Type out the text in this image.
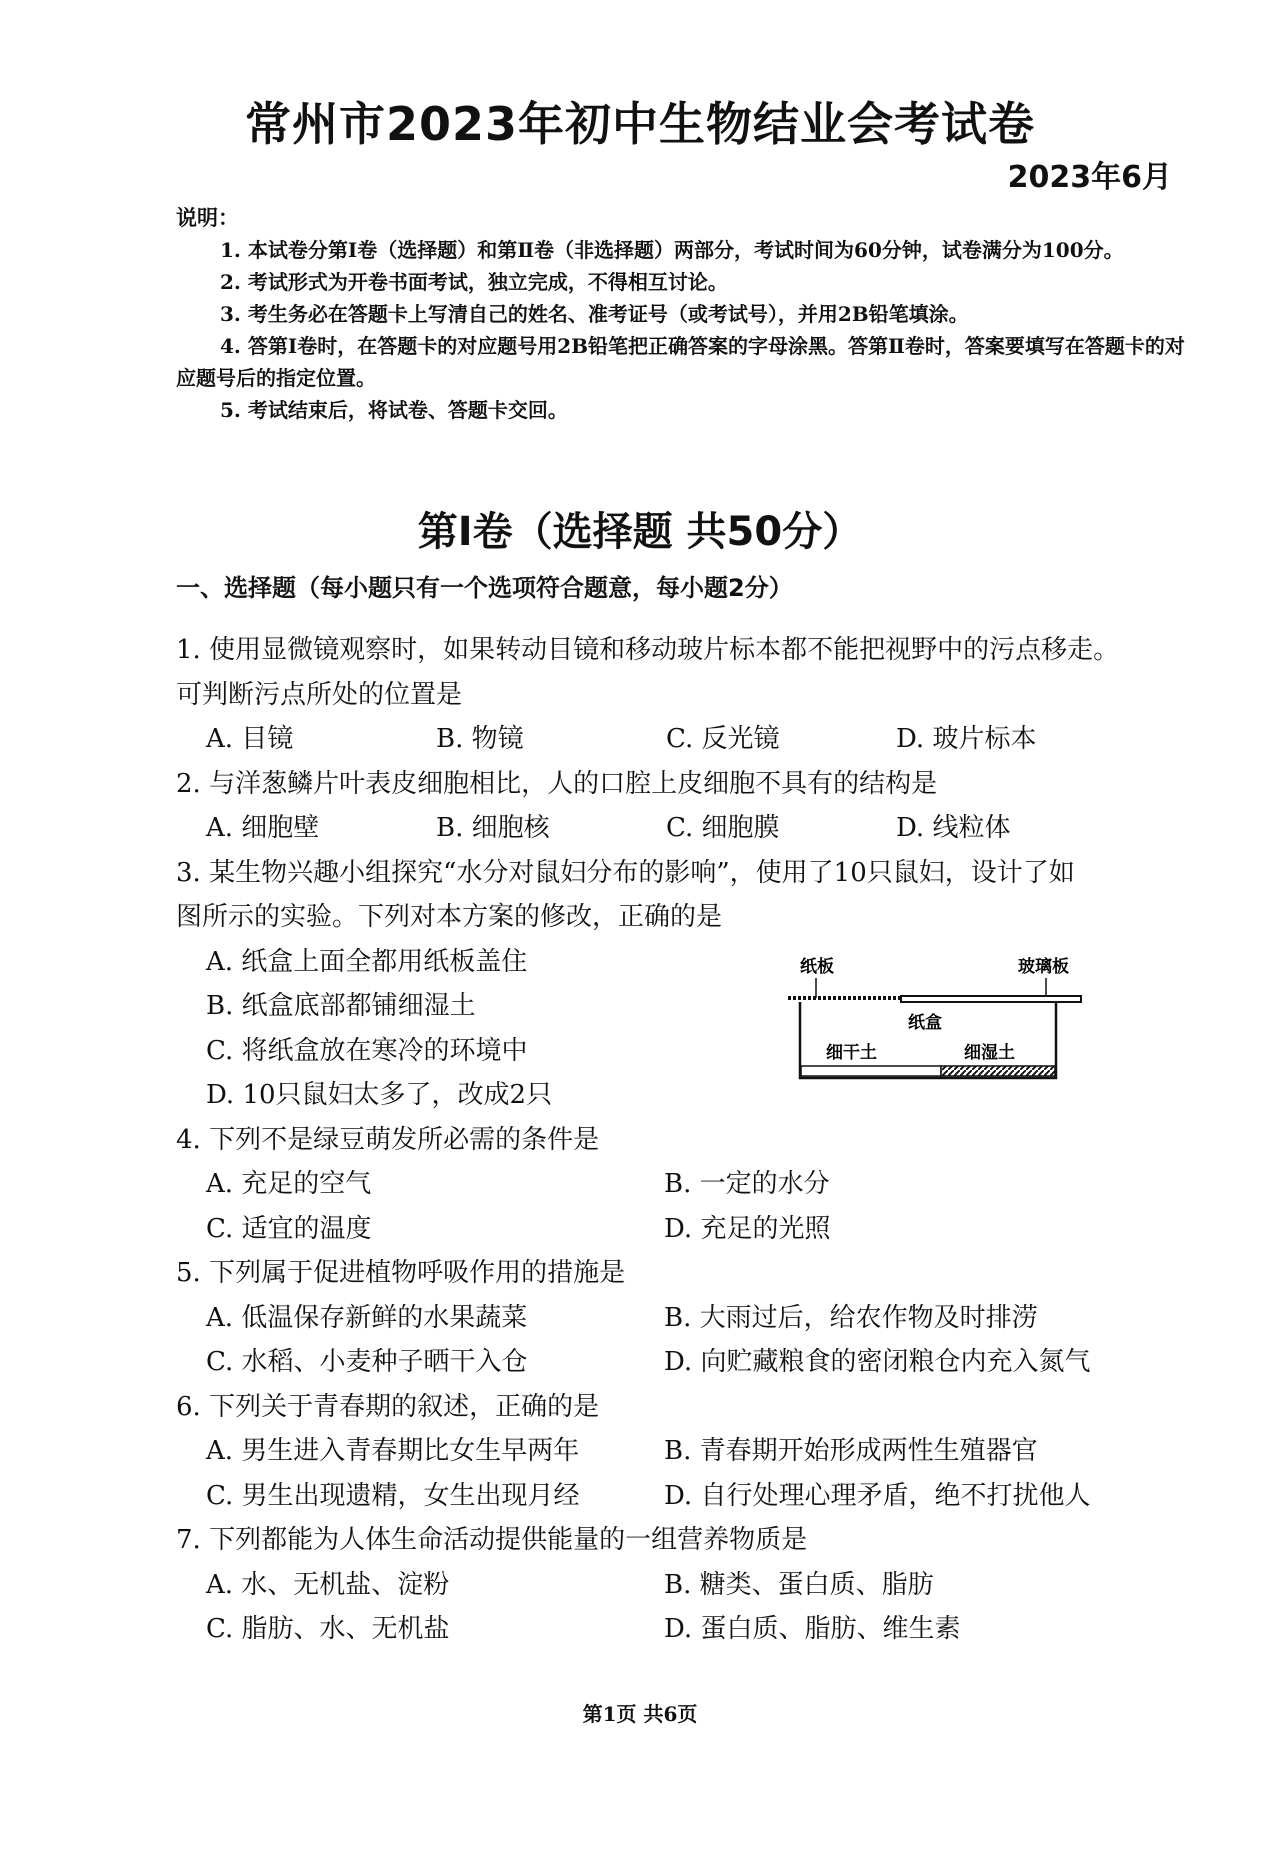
常州市2023年初中生物结业会考试卷
2023年6月
说明：
1. 本试卷分第Ⅰ卷（选择题）和第Ⅱ卷（非选择题）两部分，考试时间为60分钟，试卷满分为100分。
2. 考试形式为开卷书面考试，独立完成，不得相互讨论。
3. 考生务必在答题卡上写清自己的姓名、准考证号（或考试号），并用2B铅笔填涂。
4. 答第Ⅰ卷时，在答题卡的对应题号用2B铅笔把正确答案的字母涂黑。答第Ⅱ卷时，答案要填写在答题卡的对应题号后的指定位置。
5. 考试结束后，将试卷、答题卡交回。
第Ⅰ卷（选择题 共50分）
一、选择题（每小题只有一个选项符合题意，每小题2分）
1. 使用显微镜观察时，如果转动目镜和移动玻片标本都不能把视野中的污点移走。
可判断污点所处的位置是
A. 目镜	B. 物镜	C. 反光镜	D. 玻片标本
2. 与洋葱鳞片叶表皮细胞相比，人的口腔上皮细胞不具有的结构是
A. 细胞壁	B. 细胞核	C. 细胞膜	D. 线粒体
3. 某生物兴趣小组探究“水分对鼠妇分布的影响”，使用了10只鼠妇，设计了如
图所示的实验。下列对本方案的修改，正确的是
A. 纸盒上面全都用纸板盖住
B. 纸盒底部都铺细湿土
C. 将纸盒放在寒冷的环境中
D. 10只鼠妇太多了，改成2只
4. 下列不是绿豆萌发所必需的条件是
A. 充足的空气	B. 一定的水分
C. 适宜的温度	D. 充足的光照
5. 下列属于促进植物呼吸作用的措施是
A. 低温保存新鲜的水果蔬菜	B. 大雨过后，给农作物及时排涝
C. 水稻、小麦种子晒干入仓	D. 向贮藏粮食的密闭粮仓内充入氮气
6. 下列关于青春期的叙述，正确的是
A. 男生进入青春期比女生早两年	B. 青春期开始形成两性生殖器官
C. 男生出现遗精，女生出现月经	D. 自行处理心理矛盾，绝不打扰他人
7. 下列都能为人体生命活动提供能量的一组营养物质是
A. 水、无机盐、淀粉	B. 糖类、蛋白质、脂肪
C. 脂肪、水、无机盐	D. 蛋白质、脂肪、维生素
纸板	玻璃板
纸盒
细干土	细湿土
第1页 共6页
